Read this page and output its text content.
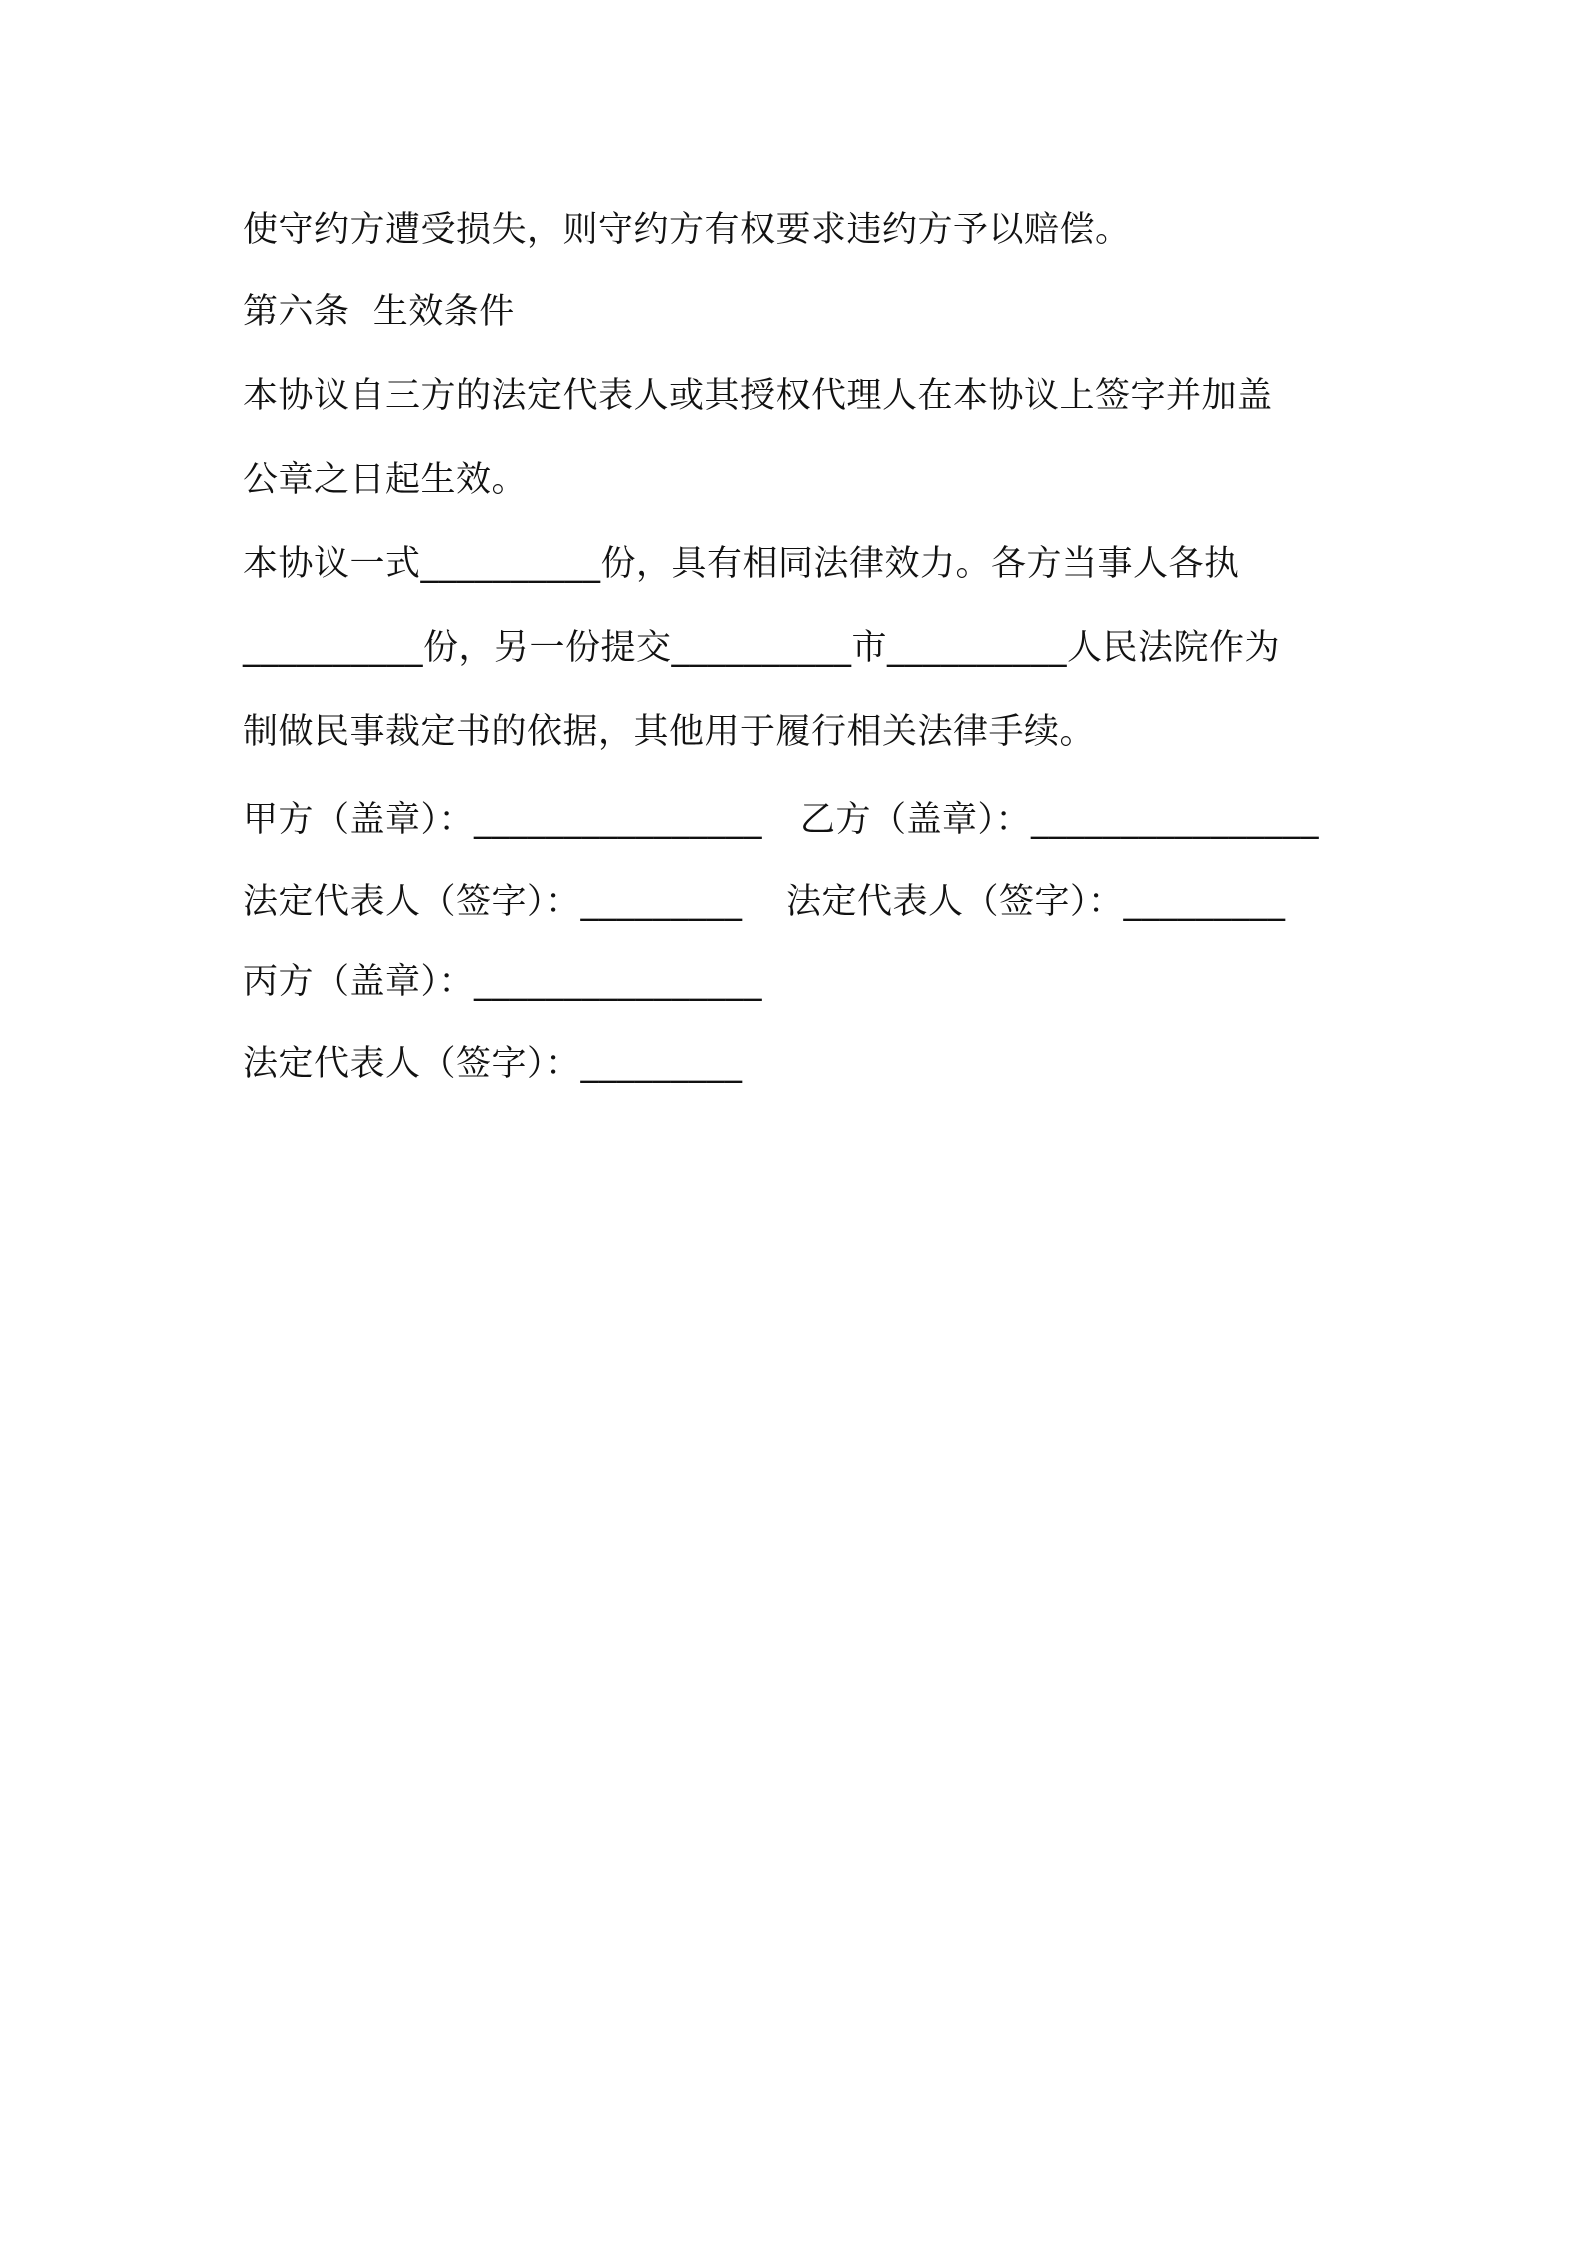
使守约方遭受损失，则守约方有权要求违约方予以赔偿。
第六条  生效条件
本协议自三方的法定代表人或其授权代理人在本协议上签字并加盖
公章之日起生效。
本协议一式__________份，具有相同法律效力。各方当事人各执
__________份，另一份提交__________市__________人民法院作为
制做民事裁定书的依据，其他用于履行相关法律手续。
甲方（盖章）：________________ 乙方（盖章）：________________
法定代表人（签字）：_________ 法定代表人（签字）：_________
丙方（盖章）：________________
法定代表人（签字）：_________
